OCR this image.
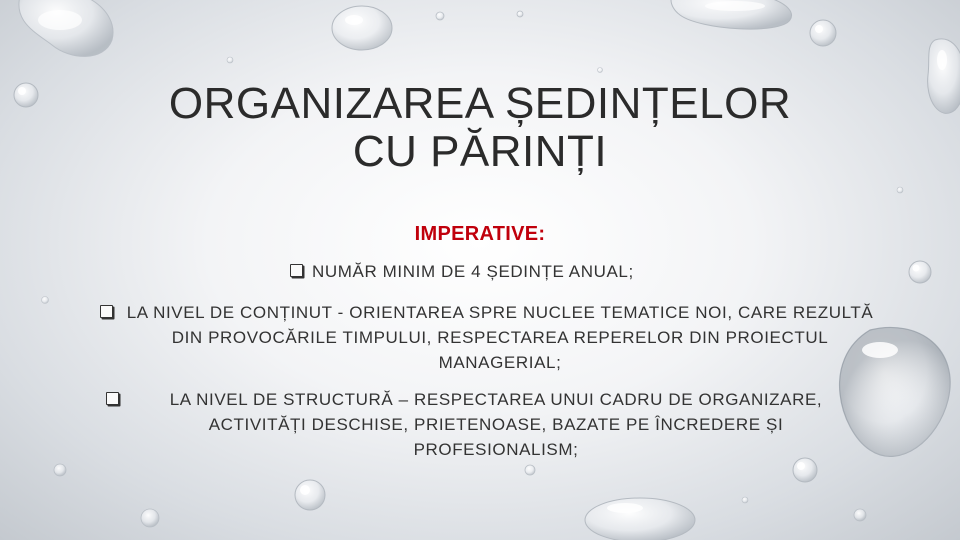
ORGANIZAREA ȘEDINȚELOR
CU PĂRINȚI
IMPERATIVE:
NUMĂR MINIM DE 4 ȘEDINȚE ANUAL;
LA NIVEL DE CONȚINUT - ORIENTAREA SPRE NUCLEE TEMATICE NOI, CARE REZULTĂ DIN PROVOCĂRILE TIMPULUI, RESPECTAREA REPERELOR DIN PROIECTUL MANAGERIAL;
LA NIVEL DE STRUCTURĂ – RESPECTAREA UNUI CADRU DE ORGANIZARE, ACTIVITĂȚI DESCHISE, PRIETENOASE, BAZATE PE ÎNCREDERE ȘI PROFESIONALISM;
